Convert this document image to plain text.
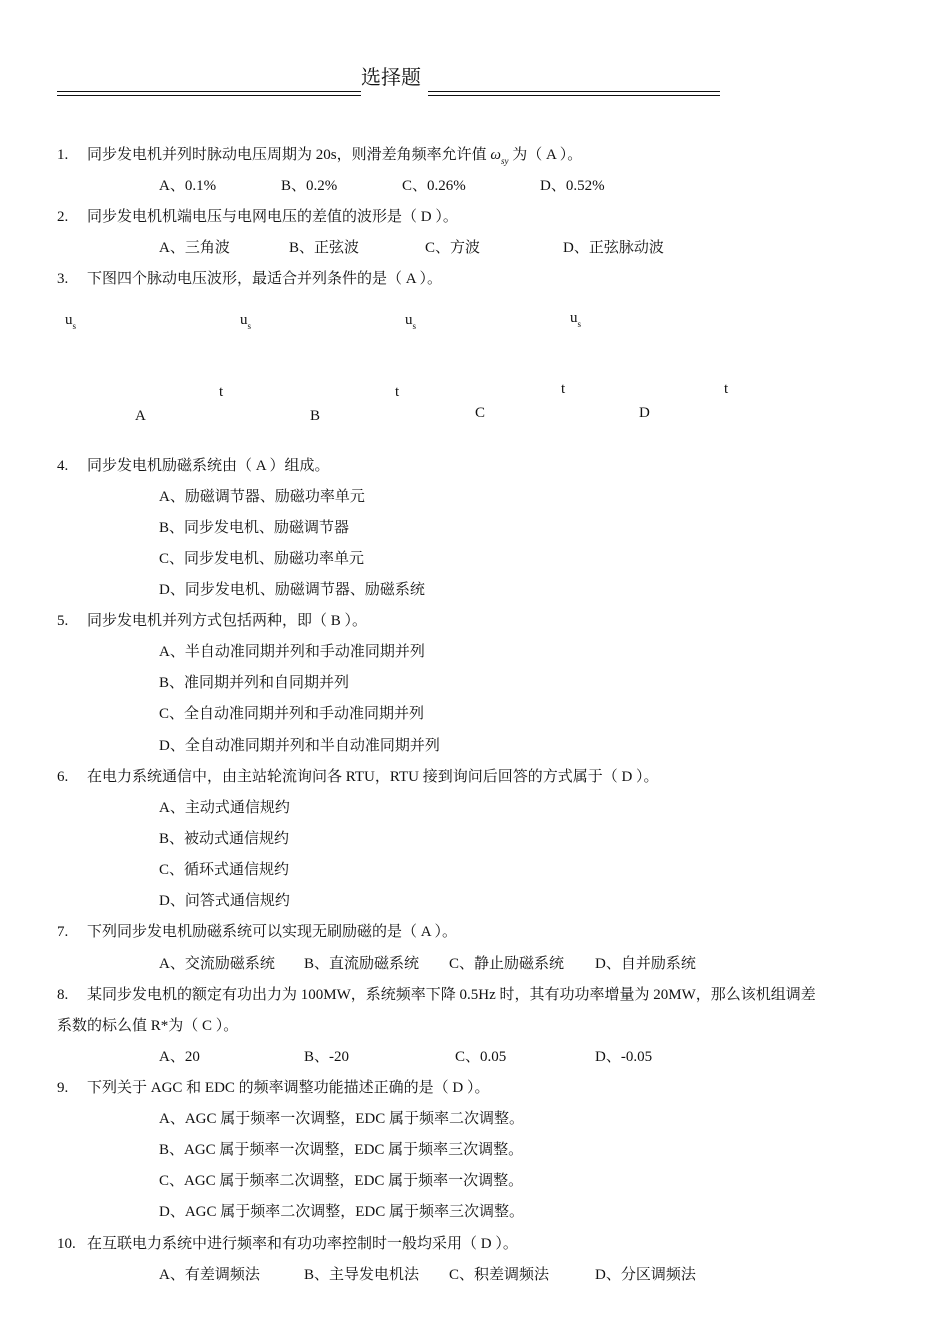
选择题
1. 同步发电机并列时脉动电压周期为 20s，则滑差角频率允许值 $\omega_{sy}$ 为（ A ）。
A、0.1%	B、0.2%	C、0.26%	D、0.52%
2. 同步发电机机端电压与电网电压的差值的波形是（ D ）。
A、三角波	B、正弦波	C、方波	D、正弦脉动波
3. 下图四个脉动电压波形，最适合并列条件的是（ A ）。
$u_s$	$u_s$	$u_s$	$u_s$
t	t	t	t
A	B	C	D
4. 同步发电机励磁系统由（ A ）组成。
A、励磁调节器、励磁功率单元
B、同步发电机、励磁调节器
C、同步发电机、励磁功率单元
D、同步发电机、励磁调节器、励磁系统
5. 同步发电机并列方式包括两种，即（ B ）。
A、半自动准同期并列和手动准同期并列
B、准同期并列和自同期并列
C、全自动准同期并列和手动准同期并列
D、全自动准同期并列和半自动准同期并列
6. 在电力系统通信中，由主站轮流询问各 RTU，RTU 接到询问后回答的方式属于（ D ）。
A、主动式通信规约
B、被动式通信规约
C、循环式通信规约
D、问答式通信规约
7. 下列同步发电机励磁系统可以实现无刷励磁的是（ A ）。
A、交流励磁系统 B、直流励磁系统 C、静止励磁系统 D、自并励系统
8. 某同步发电机的额定有功出力为 100MW，系统频率下降 0.5Hz 时，其有功功率增量为 20MW，那么该机组调差
系数的标么值 R*为（ C ）。
A、20	B、-20	C、0.05	D、-0.05
9. 下列关于 AGC 和 EDC 的频率调整功能描述正确的是（ D ）。
A、AGC 属于频率一次调整，EDC 属于频率二次调整。
B、AGC 属于频率一次调整，EDC 属于频率三次调整。
C、AGC 属于频率二次调整，EDC 属于频率一次调整。
D、AGC 属于频率二次调整，EDC 属于频率三次调整。
10. 在互联电力系统中进行频率和有功功率控制时一般均采用（ D ）。
A、有差调频法	B、主导发电机法 C、积差调频法	D、分区调频法
